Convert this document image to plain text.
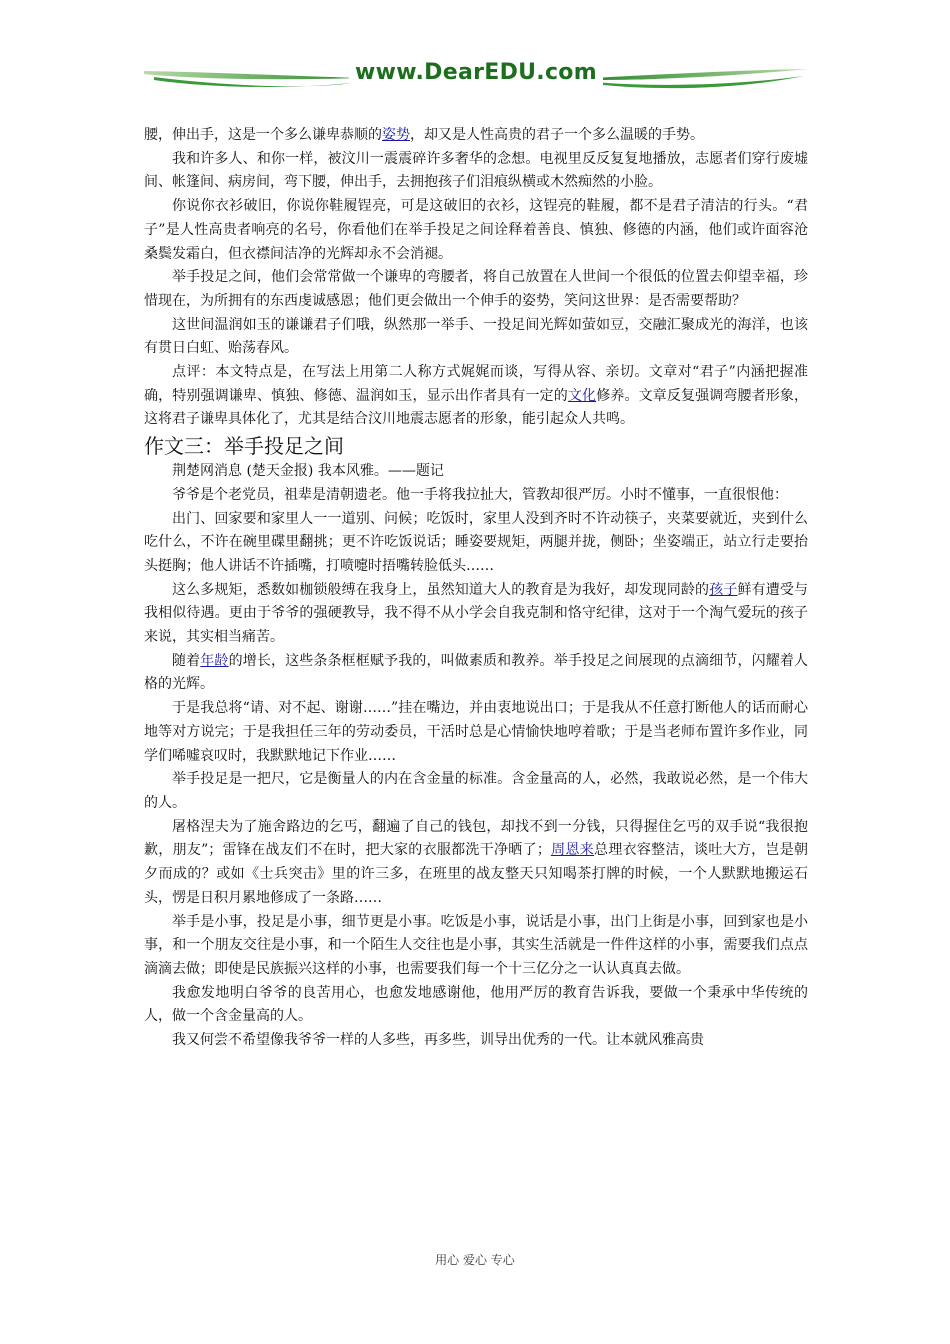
www.DearEDU.com

腰，伸出手，这是一个多么谦卑恭顺的姿势，却又是人性高贵的君子一个多么温暖的手势。

我和许多人、和你一样，被汶川一震震碎许多奢华的念想。电视里反反复复地播放，志愿者们穿行废墟间、帐篷间、病房间，弯下腰，伸出手，去拥抱孩子们泪痕纵横或木然痴然的小脸。

你说你衣衫破旧，你说你鞋履锃亮，可是这破旧的衣衫，这锃亮的鞋履，都不是君子清洁的行头。“君子”是人性高贵者响亮的名号，你看他们在举手投足之间诠释着善良、慎独、修德的内涵，他们或许面容沧桑鬓发霜白，但衣襟间洁净的光辉却永不会消褪。

举手投足之间，他们会常常做一个谦卑的弯腰者，将自己放置在人世间一个很低的位置去仰望幸福，珍惜现在，为所拥有的东西虔诚感恩；他们更会做出一个伸手的姿势，笑问这世界：是否需要帮助？

这世间温润如玉的谦谦君子们哦，纵然那一举手、一投足间光辉如萤如豆，交融汇聚成光的海洋，也该有贯日白虹、贻荡春风。

点评：本文特点是，在写法上用第二人称方式娓娓而谈，写得从容、亲切。文章对“君子”内涵把握准确，特别强调谦卑、慎独、修德、温润如玉，显示出作者具有一定的文化修养。文章反复强调弯腰者形象，这将君子谦卑具体化了，尤其是结合汶川地震志愿者的形象，能引起众人共鸣。

作文三：举手投足之间

荆楚网消息 (楚天金报) 我本风雅。——题记

爷爷是个老党员，祖辈是清朝遗老。他一手将我拉扯大，管教却很严厉。小时不懂事，一直很恨他：

出门、回家要和家里人一一道别、问候；吃饭时，家里人没到齐时不许动筷子，夹菜要就近，夹到什么吃什么，不许在碗里碟里翻挑；更不许吃饭说话；睡姿要规矩，两腿并拢，侧卧；坐姿端正，站立行走要抬头挺胸；他人讲话不许插嘴，打喷嚏时捂嘴转脸低头……

这么多规矩，悉数如枷锁般缚在我身上，虽然知道大人的教育是为我好，却发现同龄的孩子鲜有遭受与我相似待遇。更由于爷爷的强硬教导，我不得不从小学会自我克制和恪守纪律，这对于一个淘气爱玩的孩子来说，其实相当痛苦。

随着年龄的增长，这些条条框框赋予我的，叫做素质和教养。举手投足之间展现的点滴细节，闪耀着人格的光辉。

于是我总将“请、对不起、谢谢……”挂在嘴边，并由衷地说出口；于是我从不任意打断他人的话而耐心地等对方说完；于是我担任三年的劳动委员，干活时总是心情愉快地哼着歌；于是当老师布置许多作业，同学们唏嘘哀叹时，我默默地记下作业……

举手投足是一把尺，它是衡量人的内在含金量的标准。含金量高的人，必然，我敢说必然，是一个伟大的人。

屠格涅夫为了施舍路边的乞丐，翻遍了自己的钱包，却找不到一分钱，只得握住乞丐的双手说“我很抱歉，朋友”；雷锋在战友们不在时，把大家的衣服都洗干净晒了；周恩来总理衣容整洁，谈吐大方，岂是朝夕而成的？或如《士兵突击》里的许三多，在班里的战友整天只知喝茶打牌的时候，一个人默默地搬运石头，愣是日积月累地修成了一条路……

举手是小事，投足是小事，细节更是小事。吃饭是小事，说话是小事，出门上街是小事，回到家也是小事，和一个朋友交往是小事，和一个陌生人交往也是小事，其实生活就是一件件这样的小事，需要我们点点滴滴去做；即使是民族振兴这样的小事，也需要我们每一个十三亿分之一认认真真去做。

我愈发地明白爷爷的良苦用心，也愈发地感谢他，他用严厉的教育告诉我，要做一个秉承中华传统的人，做一个含金量高的人。

我又何尝不希望像我爷爷一样的人多些，再多些，训导出优秀的一代。让本就风雅高贵

用心 爱心 专心
